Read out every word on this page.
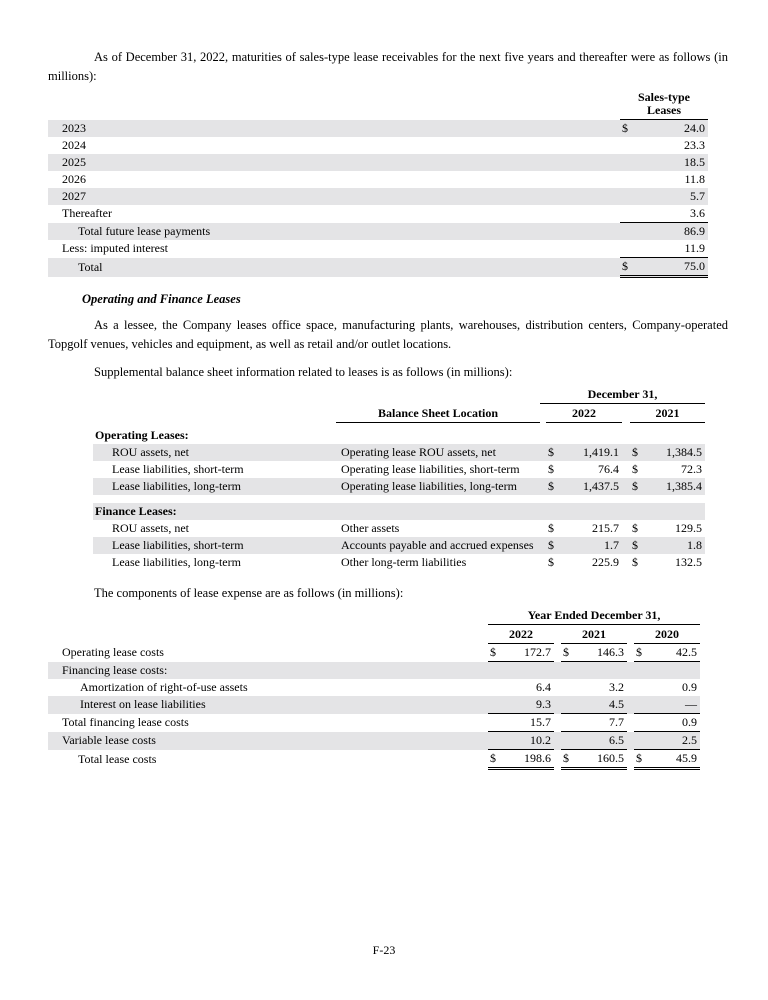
As of December 31, 2022, maturities of sales-type lease receivables for the next five years and thereafter were as follows (in millions):

	Sales-type Leases	
2023	$	24.0
2024		23.3
2025		18.5
2026		11.8
2027		5.7
Thereafter		3.6
Total future lease payments		86.9
Less: imputed interest		11.9
Total	$	75.0
Operating and Finance Leases

As a lessee, the Company leases office space, manufacturing plants, warehouses, distribution centers, Company-operated Topgolf venues, vehicles and equipment, as well as retail and/or outlet locations.

Supplemental balance sheet information related to leases is as follows (in millions):

		December 31,					
	Balance Sheet Location		2022			2021	

Operating Leases:							
ROU assets, net	Operating lease ROU assets, net		$	1,419.1		$	1,384.5
Lease liabilities, short-term	Operating lease liabilities, short-term		$	76.4		$	72.3
Lease liabilities, long-term	Operating lease liabilities, long-term		$	1,437.5		$	1,385.4

Finance Leases:							
ROU assets, net	Other assets		$	215.7		$	129.5
Lease liabilities, short-term	Accounts payable and accrued expenses		$	1.7		$	1.8
Lease liabilities, long-term	Other long-term liabilities		$	225.9		$	132.5

The components of lease expense are as follows (in millions):

	Year Ended December 31,							
	2022			2021			2020	
Operating lease costs	$	172.7		$	146.3		$	42.5
Financing lease costs:								
Amortization of right-of-use assets		6.4			3.2			0.9
Interest on lease liabilities		9.3			4.5			—
Total financing lease costs		15.7			7.7			0.9
Variable lease costs		10.2			6.5			2.5
Total lease costs	$	198.6		$	160.5		$	45.9
F-23
